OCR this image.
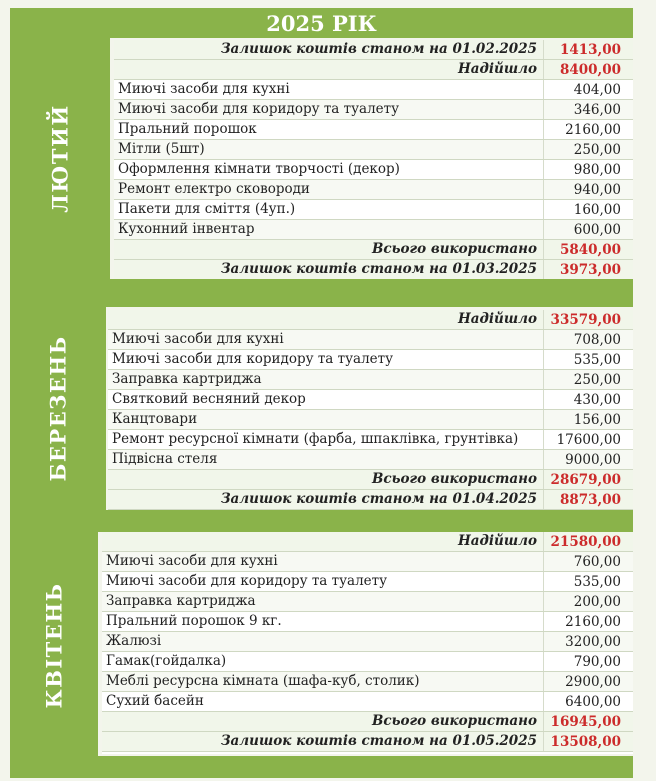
2025 РІК
ЛЮТИЙ
Залишок коштів станом на 01.02.2025	1413,00
Надійшло	8400,00
Миючі засоби для кухні	404,00
Миючі засоби для коридору та туалету	346,00
Пральний порошок	2160,00
Мітли (5шт)	250,00
Оформлення кімнати творчості (декор)	980,00
Ремонт електро сковороди	940,00
Пакети для сміття (4уп.)	160,00
Кухонний інвентар	600,00
Всього використано	5840,00
Залишок коштів станом на 01.03.2025	3973,00
БЕРЕЗЕНЬ
Надійшло	33579,00
Миючі засоби для кухні	708,00
Миючі засоби для коридору та туалету	535,00
Заправка картриджа	250,00
Святковий весняний декор	430,00
Канцтовари	156,00
Ремонт ресурсної кімнати (фарба, шпаклівка, грунтівка)	17600,00
Підвісна стеля	9000,00
Всього використано	28679,00
Залишок коштів станом на 01.04.2025	8873,00
КВІТЕНЬ
Надійшло	21580,00
Миючі засоби для кухні	760,00
Миючі засоби для коридору та туалету	535,00
Заправка картриджа	200,00
Пральний порошок 9 кг.	2160,00
Жалюзі	3200,00
Гамак(гойдалка)	790,00
Меблі ресурсна кімната (шафа-куб, столик)	2900,00
Сухий басейн	6400,00
Всього використано	16945,00
Залишок коштів станом на 01.05.2025	13508,00
